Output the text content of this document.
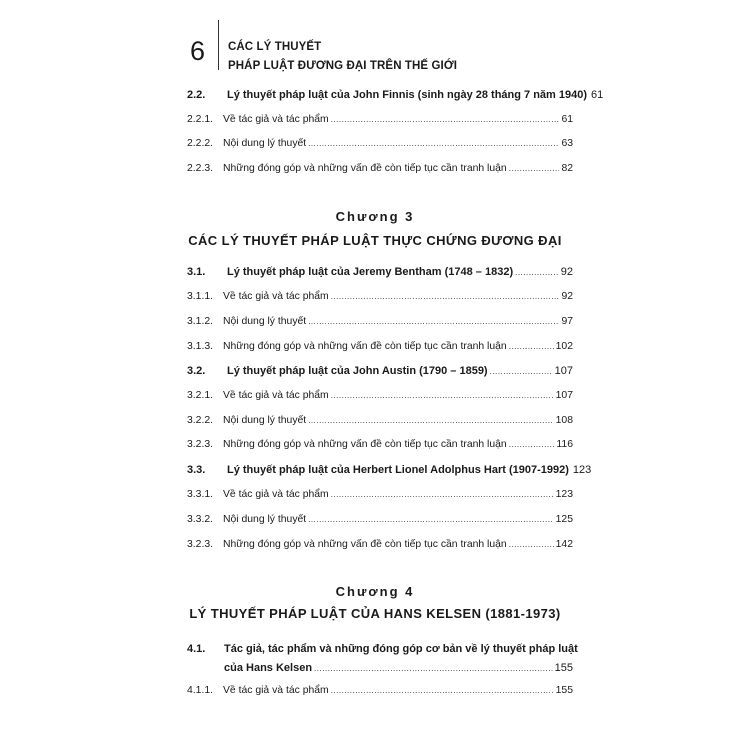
6 CÁC LÝ THUYẾT
PHÁP LUẬT ĐƯƠNG ĐẠI TRÊN THẾ GIỚI
2.2.	Lý thuyết pháp luật của John Finnis (sinh ngày 28 tháng 7 năm 1940) 61
2.2.1. Về tác giả và tác phẩm .....	61
2.2.2. Nội dung lý thuyết .....	63
2.2.3. Những đóng góp và những vấn đề còn tiếp tục cần tranh luận .....	82
Chương 3
CÁC LÝ THUYẾT PHÁP LUẬT THỰC CHỨNG ĐƯƠNG ĐẠI
3.1.	Lý thuyết pháp luật của Jeremy Bentham (1748 – 1832) .....	92
3.1.1. Về tác giả và tác phẩm .....	92
3.1.2. Nội dung lý thuyết .....	97
3.1.3. Những đóng góp và những vấn đề còn tiếp tục cần tranh luận .....	102
3.2.	Lý thuyết pháp luật của John Austin (1790 – 1859) .....	107
3.2.1. Về tác giả và tác phẩm .....	107
3.2.2. Nội dung lý thuyết .....	108
3.2.3. Những đóng góp và những vấn đề còn tiếp tục cần tranh luận .....	116
3.3.	Lý thuyết pháp luật của Herbert Lionel Adolphus Hart (1907-1992) 123
3.3.1. Về tác giả và tác phẩm .....	123
3.3.2. Nội dung lý thuyết .....	125
3.2.3. Những đóng góp và những vấn đề còn tiếp tục cần tranh luận .....	142
Chương 4
LÝ THUYẾT PHÁP LUẬT CỦA HANS KELSEN (1881-1973)
4.1. Tác giả, tác phẩm và những đóng góp cơ bản về lý thuyết pháp luật
của Hans Kelsen .....	155
4.1.1. Về tác giả và tác phẩm .....	155
